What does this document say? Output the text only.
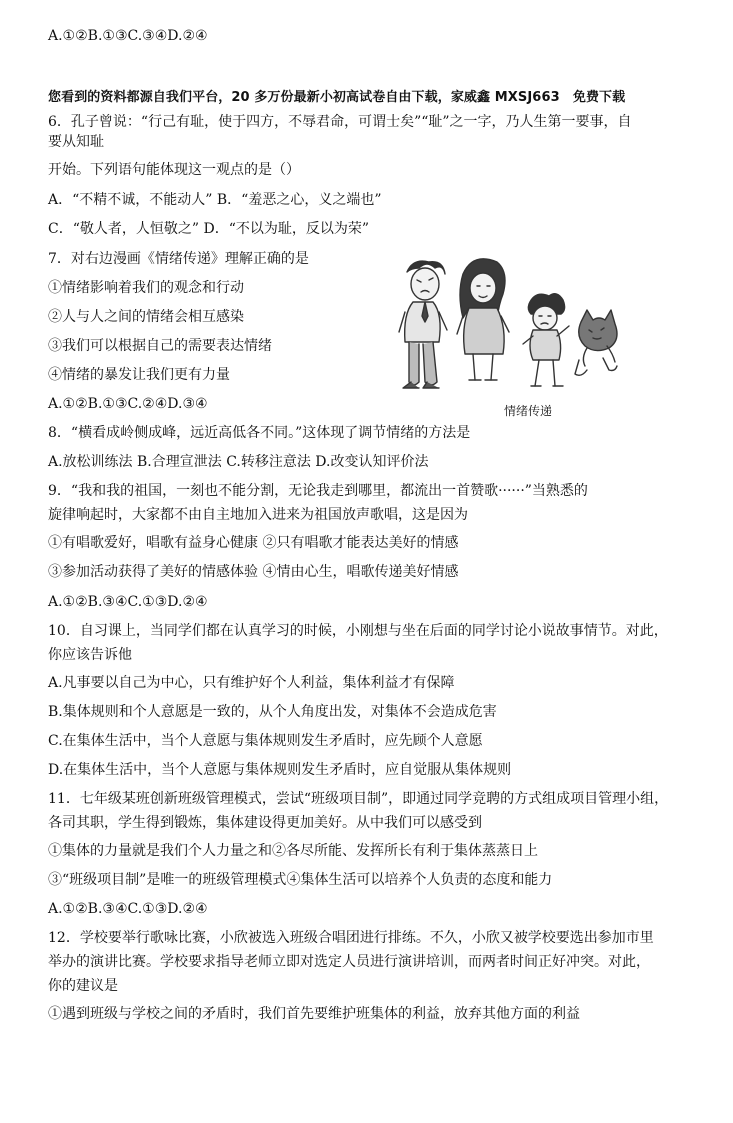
A.①②B.①③C.③④D.②④
您看到的资料都源自我们平台，20 多万份最新小初高试卷自由下载，家威鑫 MXSJ663　免费下载
6．孔子曾说：“行己有耻，使于四方，不辱君命，可谓士矣”“耻”之一字，乃人生第一要事，自
要从知耻
开始。下列语句能体现这一观点的是（）
A．“不精不诚，不能动人” B．“羞恶之心，义之端也”
C．“敬人者，人恒敬之” D．“不以为耻，反以为荣”
7．对右边漫画《情绪传递》理解正确的是
①情绪影响着我们的观念和行动
②人与人之间的情绪会相互感染
③我们可以根据自己的需要表达情绪
④情绪的暴发让我们更有力量
A.①②B.①③C.②④D.③④	情绪传递
8．“横看成岭侧成峰，远近高低各不同。”这体现了调节情绪的方法是
A.放松训练法 B.合理宣泄法 C.转移注意法 D.改变认知评价法
9．“我和我的祖国，一刻也不能分割，无论我走到哪里，都流出一首赞歌······”当熟悉的
旋律响起时，大家都不由自主地加入进来为祖国放声歌唱，这是因为
①有唱歌爱好，唱歌有益身心健康 ②只有唱歌才能表达美好的情感
③参加活动获得了美好的情感体验 ④情由心生，唱歌传递美好情感
A.①②B.③④C.①③D.②④
10．自习课上，当同学们都在认真学习的时候，小刚想与坐在后面的同学讨论小说故事情节。对此，
你应该告诉他
A.凡事要以自己为中心，只有维护好个人利益，集体利益才有保障
B.集体规则和个人意愿是一致的，从个人角度出发，对集体不会造成危害
C.在集体生活中，当个人意愿与集体规则发生矛盾时，应先顾个人意愿
D.在集体生活中，当个人意愿与集体规则发生矛盾时，应自觉服从集体规则
11．七年级某班创新班级管理模式，尝试“班级项目制”，即通过同学竞聘的方式组成项目管理小组，
各司其职，学生得到锻炼，集体建设得更加美好。从中我们可以感受到
①集体的力量就是我们个人力量之和②各尽所能、发挥所长有利于集体蒸蒸日上
③“班级项目制”是唯一的班级管理模式④集体生活可以培养个人负责的态度和能力
A.①②B.③④C.①③D.②④
12．学校要举行歌咏比赛，小欣被选入班级合唱团进行排练。不久，小欣又被学校要选出参加市里
举办的演讲比赛。学校要求指导老师立即对选定人员进行演讲培训，而两者时间正好冲突。对此，
你的建议是
①遇到班级与学校之间的矛盾时，我们首先要维护班集体的利益，放弃其他方面的利益
